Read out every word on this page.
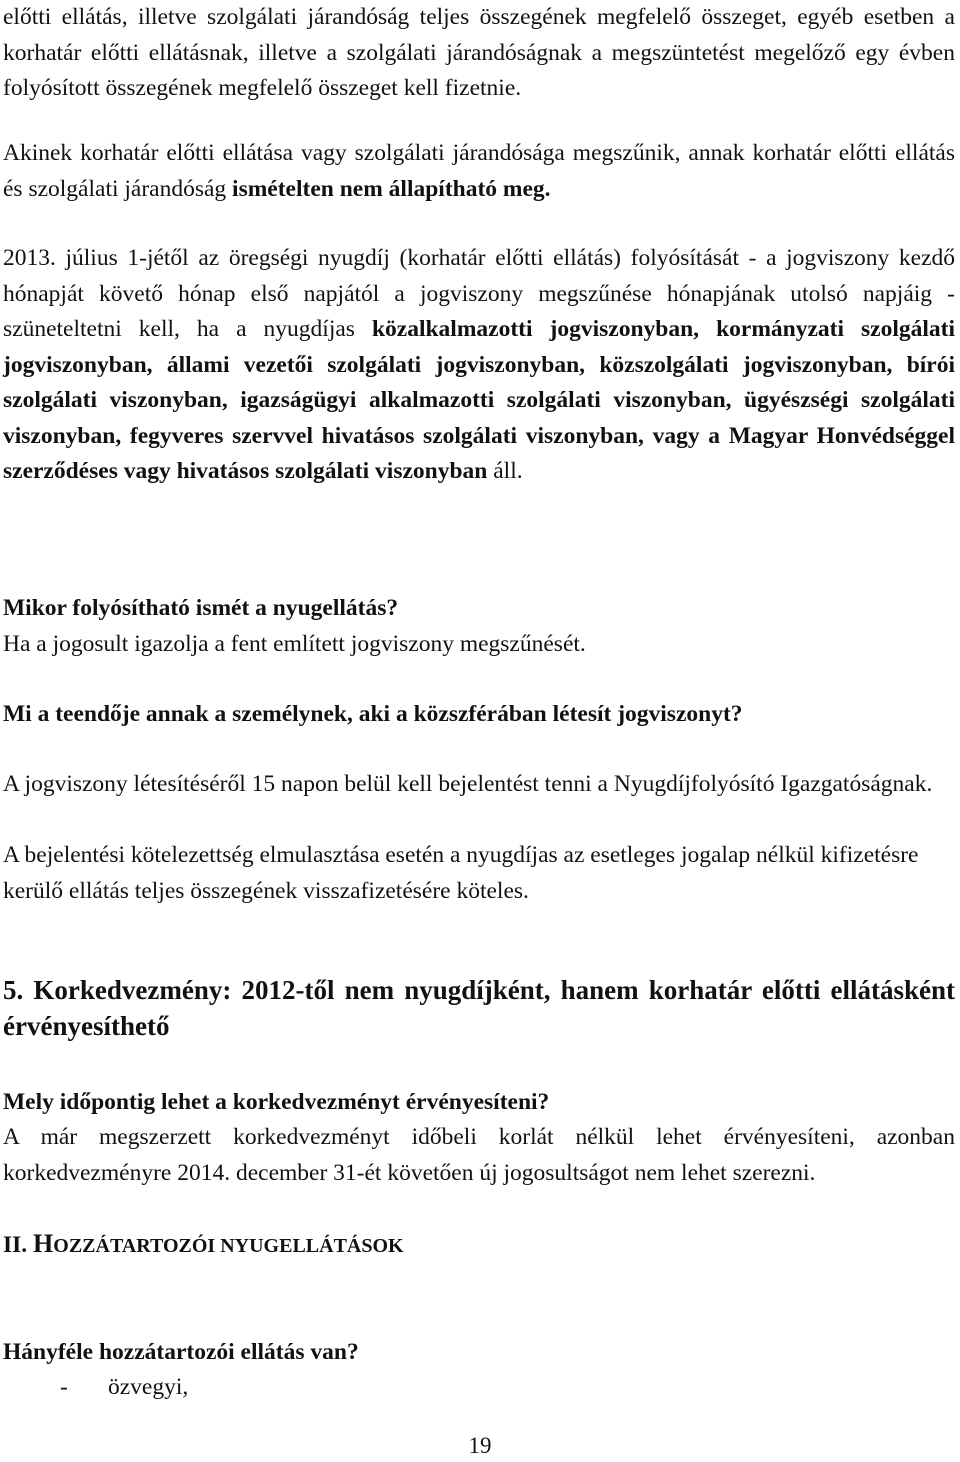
előtti ellátás, illetve szolgálati járandóság teljes összegének megfelelő összeget, egyéb esetben a korhatár előtti ellátásnak, illetve a szolgálati járandóságnak a megszüntetést megelőző egy évben folyósított összegének megfelelő összeget kell fizetnie.

Akinek korhatár előtti ellátása vagy szolgálati járandósága megszűnik, annak korhatár előtti ellátás és szolgálati járandóság ismételten nem állapítható meg.

2013. július 1-jétől az öregségi nyugdíj (korhatár előtti ellátás) folyósítását - a jogviszony kezdő hónapját követő hónap első napjától a jogviszony megszűnése hónapjának utolsó napjáig - szüneteltetni kell, ha a nyugdíjas közalkalmazotti jogviszonyban, kormányzati szolgálati jogviszonyban, állami vezetői szolgálati jogviszonyban, közszolgálati jogviszonyban, bírói szolgálati viszonyban, igazságügyi alkalmazotti szolgálati viszonyban, ügyészségi szolgálati viszonyban, fegyveres szervvel hivatásos szolgálati viszonyban, vagy a Magyar Honvédséggel szerződéses vagy hivatásos szolgálati viszonyban áll.

Mikor folyósítható ismét a nyugellátás?

Ha a jogosult igazolja a fent említett jogviszony megszűnését.

Mi a teendője annak a személynek, aki a közszférában létesít jogviszonyt?

A jogviszony létesítéséről 15 napon belül kell bejelentést tenni a Nyugdíjfolyósító Igazgatóságnak.

A bejelentési kötelezettség elmulasztása esetén a nyugdíjas az esetleges jogalap nélkül kifizetésre kerülő ellátás teljes összegének visszafizetésére köteles.

5. Korkedvezmény: 2012-től nem nyugdíjként, hanem korhatár előtti ellátásként érvényesíthető

Mely időpontig lehet a korkedvezményt érvényesíteni?

A már megszerzett korkedvezményt időbeli korlát nélkül lehet érvényesíteni, azonban korkedvezményre 2014. december 31-ét követően új jogosultságot nem lehet szerezni.

II. HOZZÁTARTOZÓI NYUGELLÁTÁSOK

Hányféle hozzátartozói ellátás van?

- özvegyi,

19
